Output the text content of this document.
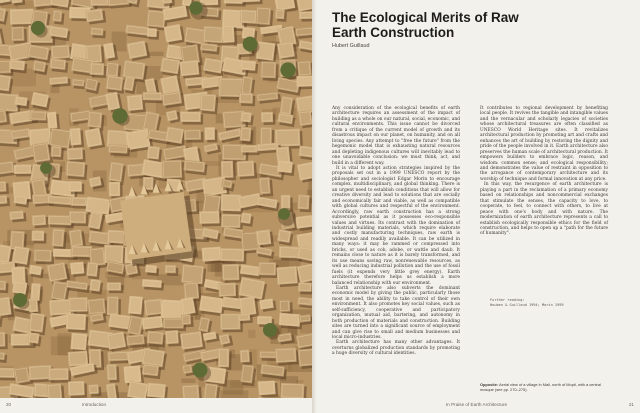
20	Introduction
The Ecological Merits of Raw Earth Construction
Hubert Guillaud

Any consideration of the ecological benefits of earth architecture requires an assessment of the impact of building as a whole on our natural, social, economic, and cultural environments. This issue cannot be divorced from a critique of the current model of growth and its disastrous impact on our planet, on humanity, and on all living species. Any attempt to "free the future" from the hegemonic model that is exhausting natural resources and depleting indigenous cultures will inevitably lead to one unavoidable conclusion: we must think, act, and build in a different way.

It is vital to adopt action strategies inspired by the proposals set out in a 1999 UNESCO report by the philosopher and sociologist Edgar Morin to encourage complex, multidisciplinary, and global thinking. There is an urgent need to establish conditions that will allow for creative diversity and lead to solutions that are socially and economically fair and viable, as well as compatible with global cultures and respectful of the environment. Accordingly, raw earth construction has a strong subversive potential as it possesses eco-responsible values and virtues. Its contrast with the domination of industrial building materials, which require elaborate and costly manufacturing techniques, raw earth is widespread and readily available. It can be utilized in many ways: it may be rammed or compressed into bricks, or used as cob, adobe, or wattle and daub. It remains close to nature as it is barely transformed, and its use means saving raw, nonrenewable resources, as well as reducing industrial pollution and the use of fossil fuels (it expends very little grey energy). Earth architecture therefore helps us establish a more balanced relationship with our environment.

Earth architecture also subverts the dominant economic model by giving the public, particularly those most in need, the ability to take control of their own environment. It also promotes key social values, such as self-sufficiency, cooperative and participatory organization, mutual aid, bartering, and autonomy in both production of materials and construction. Building sites are turned into a significant source of employment and can give rise to small and medium businesses and local micro-industries.

Earth architecture has many other advantages. It overturns globalized production standards by promoting a huge diversity of cultural identities.

It contributes to regional development by benefiting local people. It revives the tangible and intangible values and the vernacular and scholarly legacies of societies whose architectural treasures are often classified as UNESCO World Heritage sites. It revitalizes architectural production by promoting art and crafts and enhances the art of building by restoring the dignity and pride of the people involved in it. Earth architecture also preserves the human scale of architectural production. It empowers builders to embrace logic, reason, and wisdom: common sense; and ecological responsibility; and demonstrates the value of restraint in opposition to the arrogance of contemporary architecture and its worship of technique and formal innovation at any price.

In this way, the resurgence of earth architecture is playing a part in the reclamation of a primary economy based on relationships and noncommercial exchanges that stimulate the senses, the capacity to love, to cooperate, to feel, to connect with others, to live at peace with one's body and with nature. The modernization of earth architecture represents a call to establish ecologically responsible ethics for the field of construction, and helps to open up a "path for the future of humanity".

Further reading:
Houben & Guillaud 1994; Morin 1999
Opposite: Aerial view of a village in Mali, north of Mopti, with a central mosque (see pp. 270–275).
In Praise of Earth Architecture	21
